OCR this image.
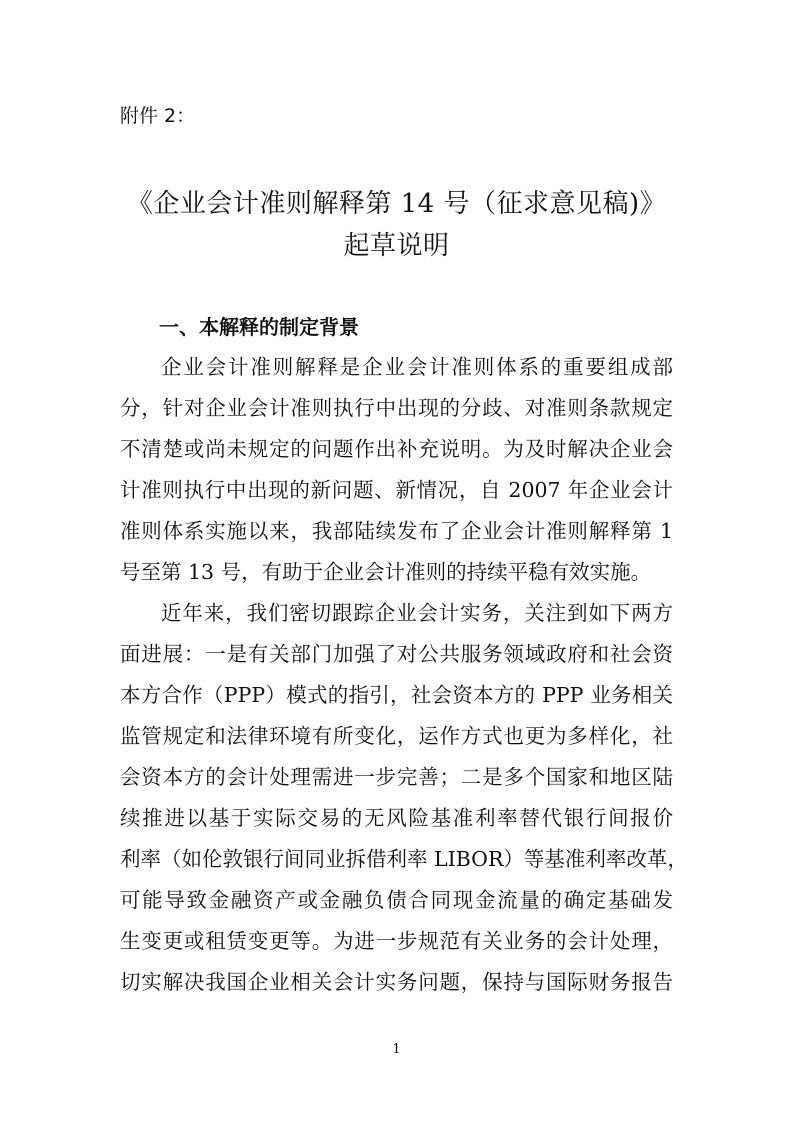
附件 2：
《企业会计准则解释第 14 号（征求意见稿)》
起草说明
一、本解释的制定背景
企业会计准则解释是企业会计准则体系的重要组成部
分，针对企业会计准则执行中出现的分歧、对准则条款规定
不清楚或尚未规定的问题作出补充说明。为及时解决企业会
计准则执行中出现的新问题、新情况，自 2007 年企业会计
准则体系实施以来，我部陆续发布了企业会计准则解释第 1
号至第 13 号，有助于企业会计准则的持续平稳有效实施。
近年来，我们密切跟踪企业会计实务，关注到如下两方
面进展：一是有关部门加强了对公共服务领域政府和社会资
本方合作（PPP）模式的指引，社会资本方的 PPP 业务相关
监管规定和法律环境有所变化，运作方式也更为多样化，社
会资本方的会计处理需进一步完善；二是多个国家和地区陆
续推进以基于实际交易的无风险基准利率替代银行间报价
利率（如伦敦银行间同业拆借利率 LIBOR）等基准利率改革，
可能导致金融资产或金融负债合同现金流量的确定基础发
生变更或租赁变更等。为进一步规范有关业务的会计处理，
切实解决我国企业相关会计实务问题，保持与国际财务报告
1
